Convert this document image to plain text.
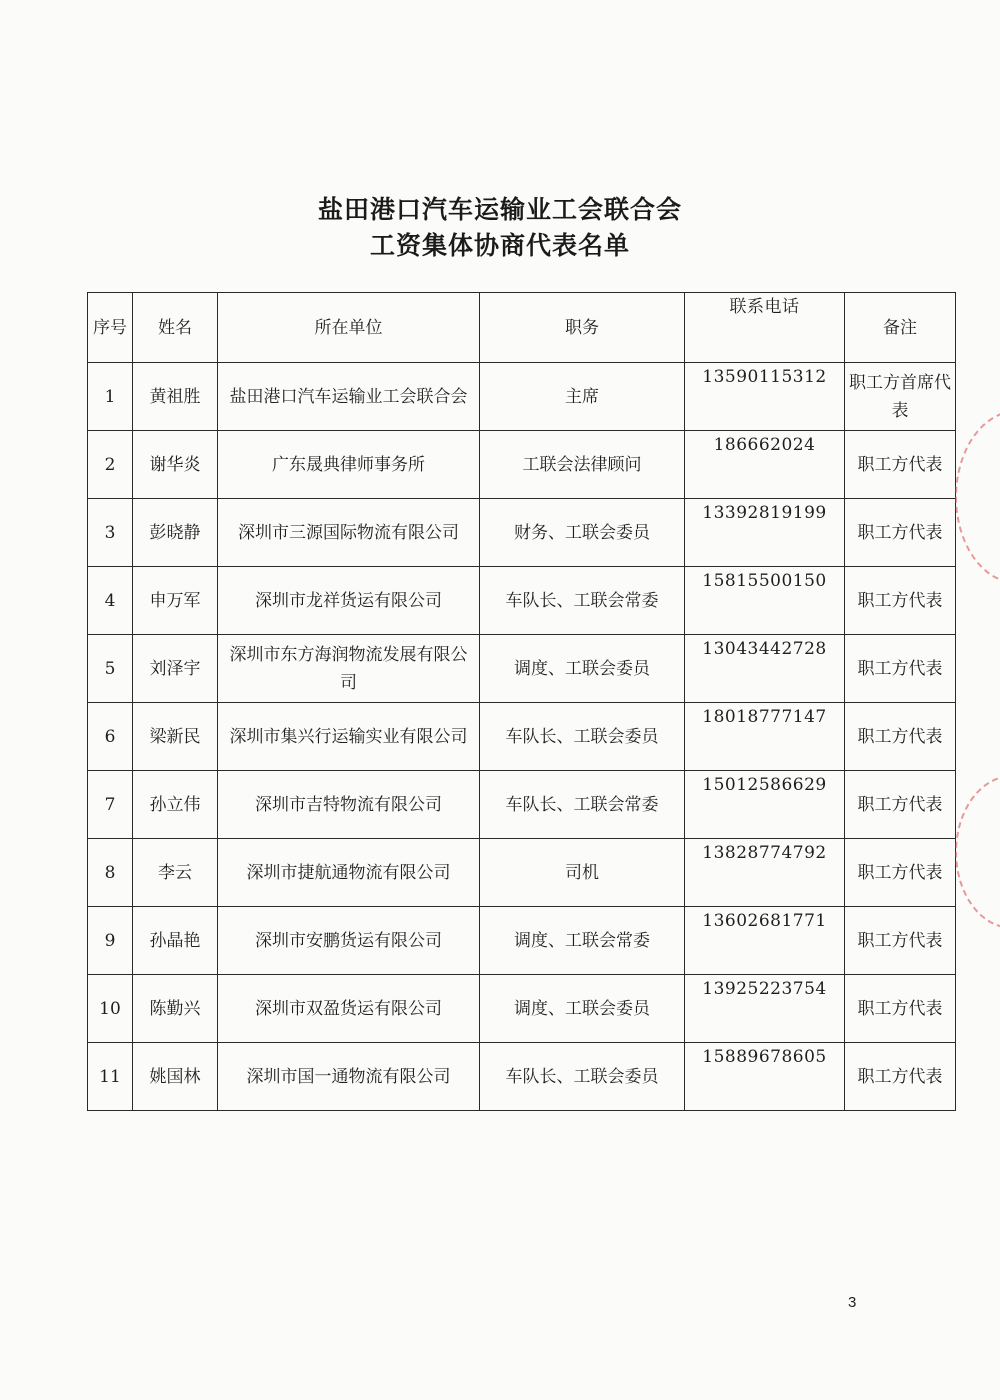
盐田港口汽车运输业工会联合会
工资集体协商代表名单
序号	姓名	所在单位	职务	联系电话	备注
1	黄祖胜	盐田港口汽车运输业工会联合会	主席	13590115312	职工方首席代表
2	谢华炎	广东晟典律师事务所	工联会法律顾问	186662024	职工方代表
3	彭晓静	深圳市三源国际物流有限公司	财务、工联会委员	13392819199	职工方代表
4	申万军	深圳市龙祥货运有限公司	车队长、工联会常委	15815500150	职工方代表
5	刘泽宇	深圳市东方海润物流发展有限公司	调度、工联会委员	13043442728	职工方代表
6	梁新民	深圳市集兴行运输实业有限公司	车队长、工联会委员	18018777147	职工方代表
7	孙立伟	深圳市吉特物流有限公司	车队长、工联会常委	15012586629	职工方代表
8	李云	深圳市捷航通物流有限公司	司机	13828774792	职工方代表
9	孙晶艳	深圳市安鹏货运有限公司	调度、工联会常委	13602681771	职工方代表
10	陈勤兴	深圳市双盈货运有限公司	调度、工联会委员	13925223754	职工方代表
11	姚国林	深圳市国一通物流有限公司	车队长、工联会委员	15889678605	职工方代表
3
